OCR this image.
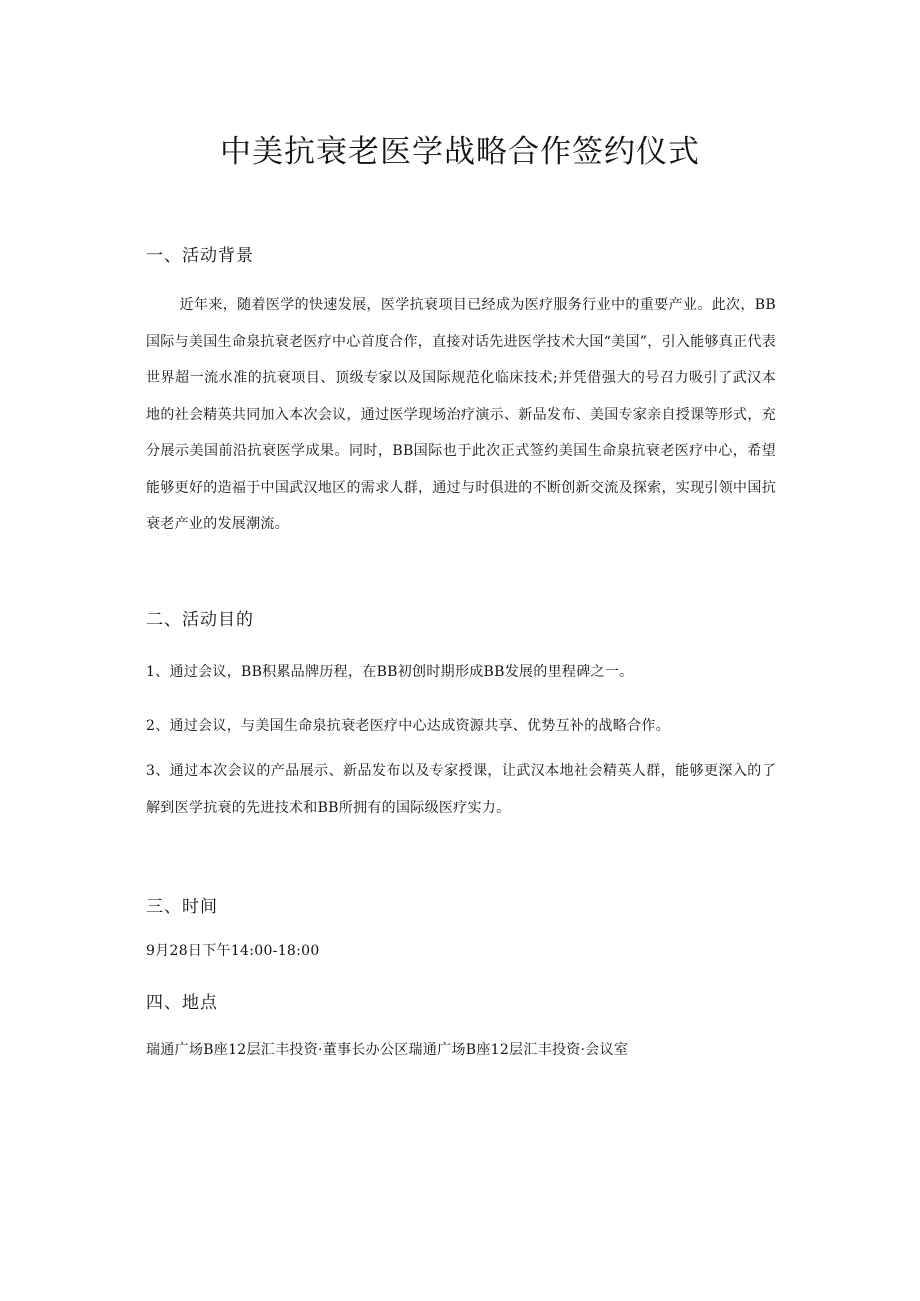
中美抗衰老医学战略合作签约仪式
一、活动背景

近年来，随着医学的快速发展，医学抗衰项目已经成为医疗服务行业中的重要产业。此次，BB国际与美国生命泉抗衰老医疗中心首度合作，直接对话先进医学技术大国“美国”，引入能够真正代表世界超一流水准的抗衰项目、顶级专家以及国际规范化临床技术;并凭借强大的号召力吸引了武汉本地的社会精英共同加入本次会议，通过医学现场治疗演示、新品发布、美国专家亲自授课等形式，充分展示美国前沿抗衰医学成果。同时，BB国际也于此次正式签约美国生命泉抗衰老医疗中心，希望能够更好的造福于中国武汉地区的需求人群，通过与时俱进的不断创新交流及探索，实现引领中国抗衰老产业的发展潮流。

二、活动目的

1、通过会议，BB积累品牌历程，在BB初创时期形成BB发展的里程碑之一。

2、通过会议，与美国生命泉抗衰老医疗中心达成资源共享、优势互补的战略合作。

3、通过本次会议的产品展示、新品发布以及专家授课，让武汉本地社会精英人群，能够更深入的了解到医学抗衰的先进技术和BB所拥有的国际级医疗实力。

三、时间

9月28日下午14:00-18:00

四、地点

瑞通广场B座12层汇丰投资·董事长办公区瑞通广场B座12层汇丰投资·会议室
